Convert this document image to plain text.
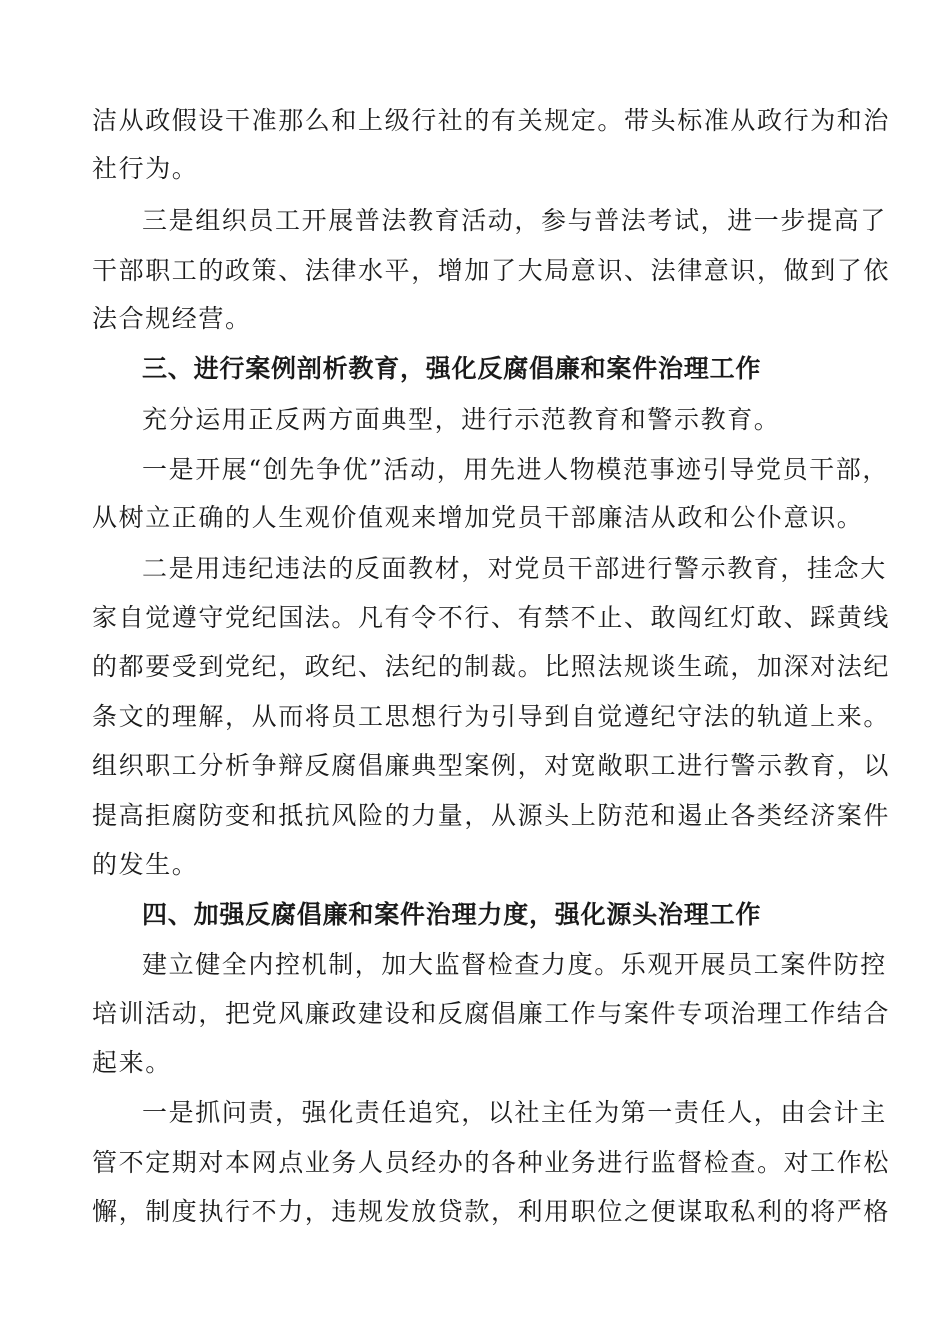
洁从政假设干准那么和上级行社的有关规定。带头标准从政行为和治
社行为。
三是组织员工开展普法教育活动，参与普法考试，进一步提高了
干部职工的政策、法律水平，增加了大局意识、法律意识，做到了依
法合规经营。
三、进行案例剖析教育，强化反腐倡廉和案件治理工作
充分运用正反两方面典型，进行示范教育和警示教育。
一是开展“创先争优”活动，用先进人物模范事迹引导党员干部，
从树立正确的人生观价值观来增加党员干部廉洁从政和公仆意识。
二是用违纪违法的反面教材，对党员干部进行警示教育，挂念大
家自觉遵守党纪国法。凡有令不行、有禁不止、敢闯红灯敢、踩黄线
的都要受到党纪，政纪、法纪的制裁。比照法规谈生疏，加深对法纪
条文的理解，从而将员工思想行为引导到自觉遵纪守法的轨道上来。
组织职工分析争辩反腐倡廉典型案例，对宽敞职工进行警示教育，以
提高拒腐防变和抵抗风险的力量，从源头上防范和遏止各类经济案件
的发生。
四、加强反腐倡廉和案件治理力度，强化源头治理工作
建立健全内控机制，加大监督检查力度。乐观开展员工案件防控
培训活动，把党风廉政建设和反腐倡廉工作与案件专项治理工作结合
起来。
一是抓问责，强化责任追究，以社主任为第一责任人，由会计主
管不定期对本网点业务人员经办的各种业务进行监督检查。对工作松
懈，制度执行不力，违规发放贷款，利用职位之便谋取私利的将严格
